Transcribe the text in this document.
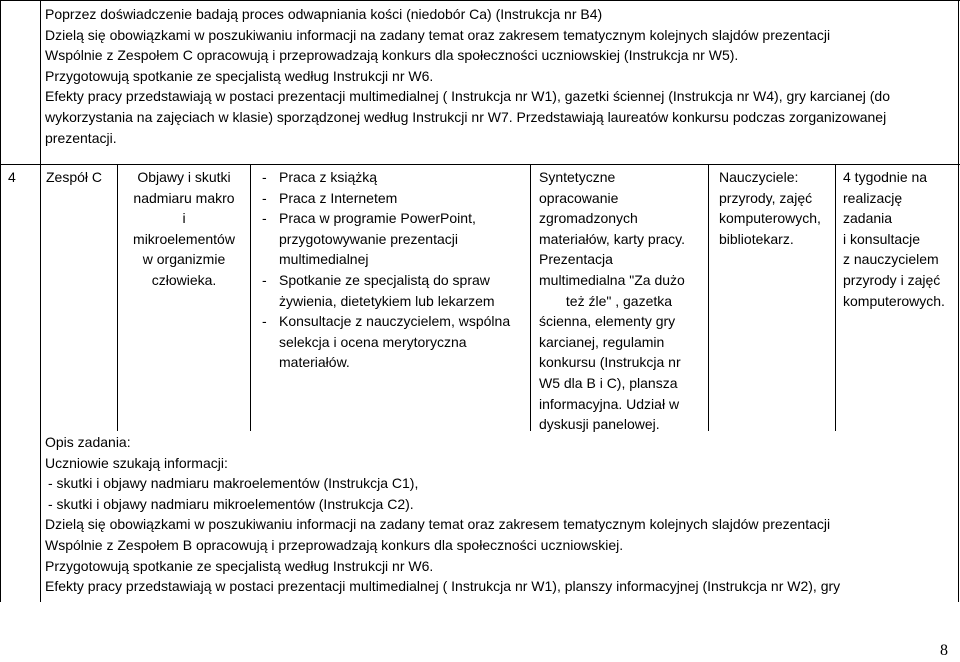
Poprzez doświadczenie badają proces odwapniania kości (niedobór Ca) (Instrukcja nr B4)
Dzielą się obowiązkami w poszukiwaniu informacji na zadany temat oraz zakresem tematycznym kolejnych slajdów prezentacji
Wspólnie z Zespołem C opracowują i przeprowadzają konkurs dla społeczności uczniowskiej (Instrukcja nr W5).
Przygotowują spotkanie ze specjalistą według Instrukcji nr W6.
Efekty pracy przedstawiają w postaci prezentacji multimedialnej ( Instrukcja nr W1), gazetki ściennej (Instrukcja nr W4), gry karcianej (do
wykorzystania na zajęciach w klasie) sporządzonej według Instrukcji nr W7. Przedstawiają laureatów konkursu podczas zorganizowanej
prezentacji.
4 Zespół C	Objawy i skutki
nadmiaru makro
i
mikroelementów
w organizmie
człowieka.
- Praca z książką
- Praca z Internetem
- Praca w programie PowerPoint,
przygotowywanie prezentacji
multimedialnej
- Spotkanie ze specjalistą do spraw
żywienia, dietetykiem lub lekarzem
- Konsultacje z nauczycielem, wspólna
selekcja i ocena merytoryczna
materiałów.
Syntetyczne
opracowanie
zgromadzonych
materiałów, karty pracy.
Prezentacja
multimedialna "Za dużo
też źle" , gazetka
ścienna, elementy gry
karcianej, regulamin
konkursu (Instrukcja nr
W5 dla B i C), plansza
informacyjna. Udział w
dyskusji panelowej.
Nauczyciele:
przyrody, zajęć
komputerowych,
bibliotekarz.
4 tygodnie na
realizację
zadania
i konsultacje
z nauczycielem
przyrody i zajęć
komputerowych.
Opis zadania:
Uczniowie szukają informacji:
- skutki i objawy nadmiaru makroelementów (Instrukcja C1),
- skutki i objawy nadmiaru mikroelementów (Instrukcja C2).
Dzielą się obowiązkami w poszukiwaniu informacji na zadany temat oraz zakresem tematycznym kolejnych slajdów prezentacji
Wspólnie z Zespołem B opracowują i przeprowadzają konkurs dla społeczności uczniowskiej.
Przygotowują spotkanie ze specjalistą według Instrukcji nr W6.
Efekty pracy przedstawiają w postaci prezentacji multimedialnej ( Instrukcja nr W1), planszy informacyjnej (Instrukcja nr W2), gry
8
